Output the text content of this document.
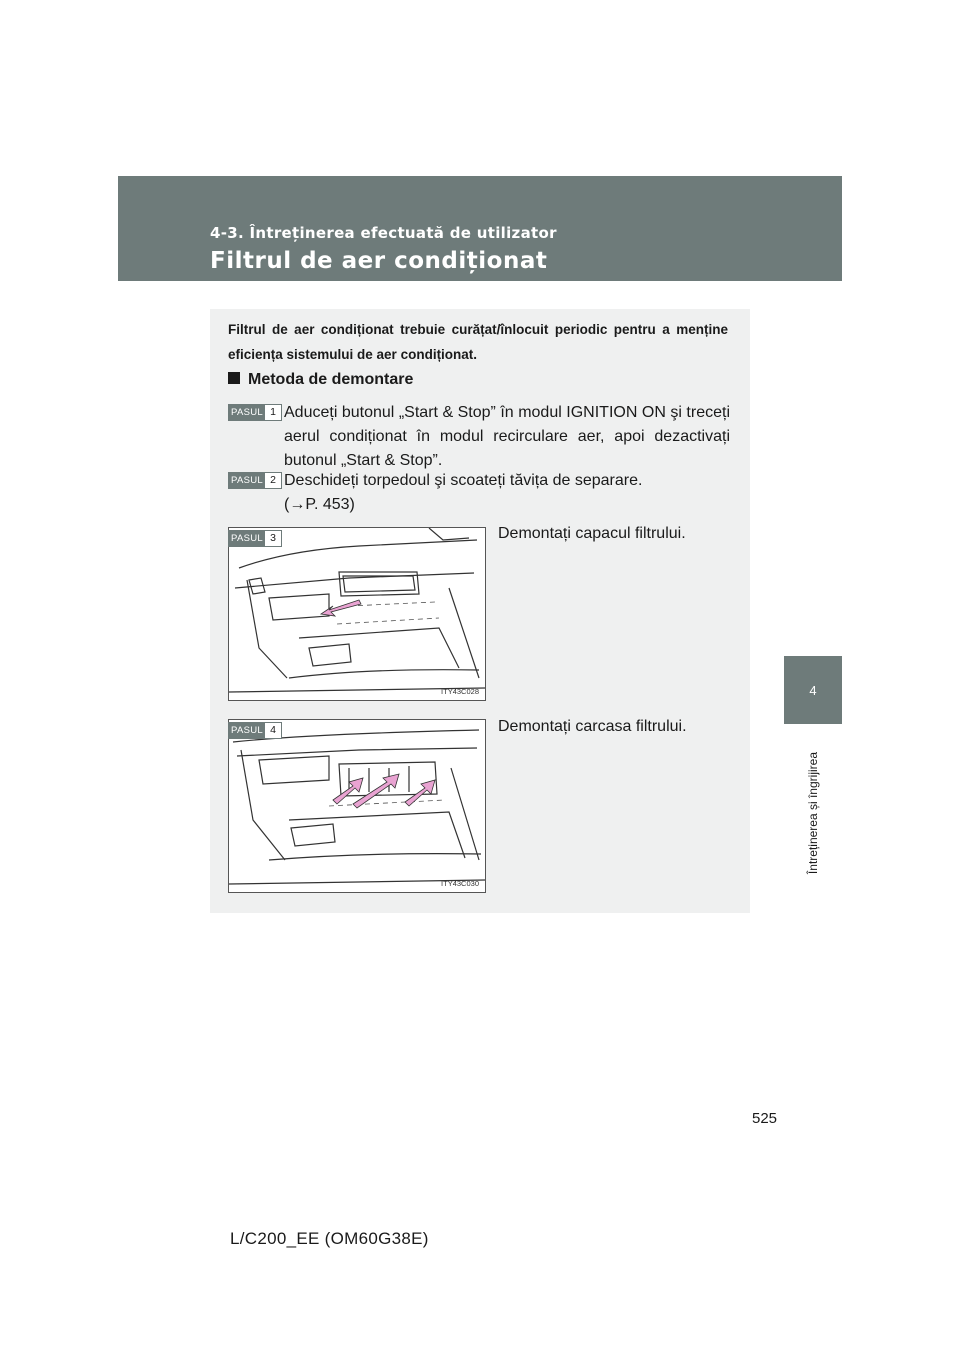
4-3. Întreținerea efectuată de utilizator
Filtrul de aer condiționat
4
Întreținerea și îngrijirea
Filtrul de aer condiționat trebuie curățat/înlocuit periodic pentru a menține eficiența sistemului de aer condiționat.
Metoda de demontare
PASUL 1 Aduceți butonul „Start & Stop” în modul IGNITION ON şi treceți aerul condiționat în modul recirculare aer, apoi dezactivați butonul „Start & Stop”.
PASUL 2 Deschideți torpedoul şi scoateți tăvița de separare.
(→P. 453)
ITY43C028
PASUL 3	Demontați capacul filtrului.
ITY43C030
PASUL 4	Demontați carcasa filtrului.
525
L/C200_EE (OM60G38E)
